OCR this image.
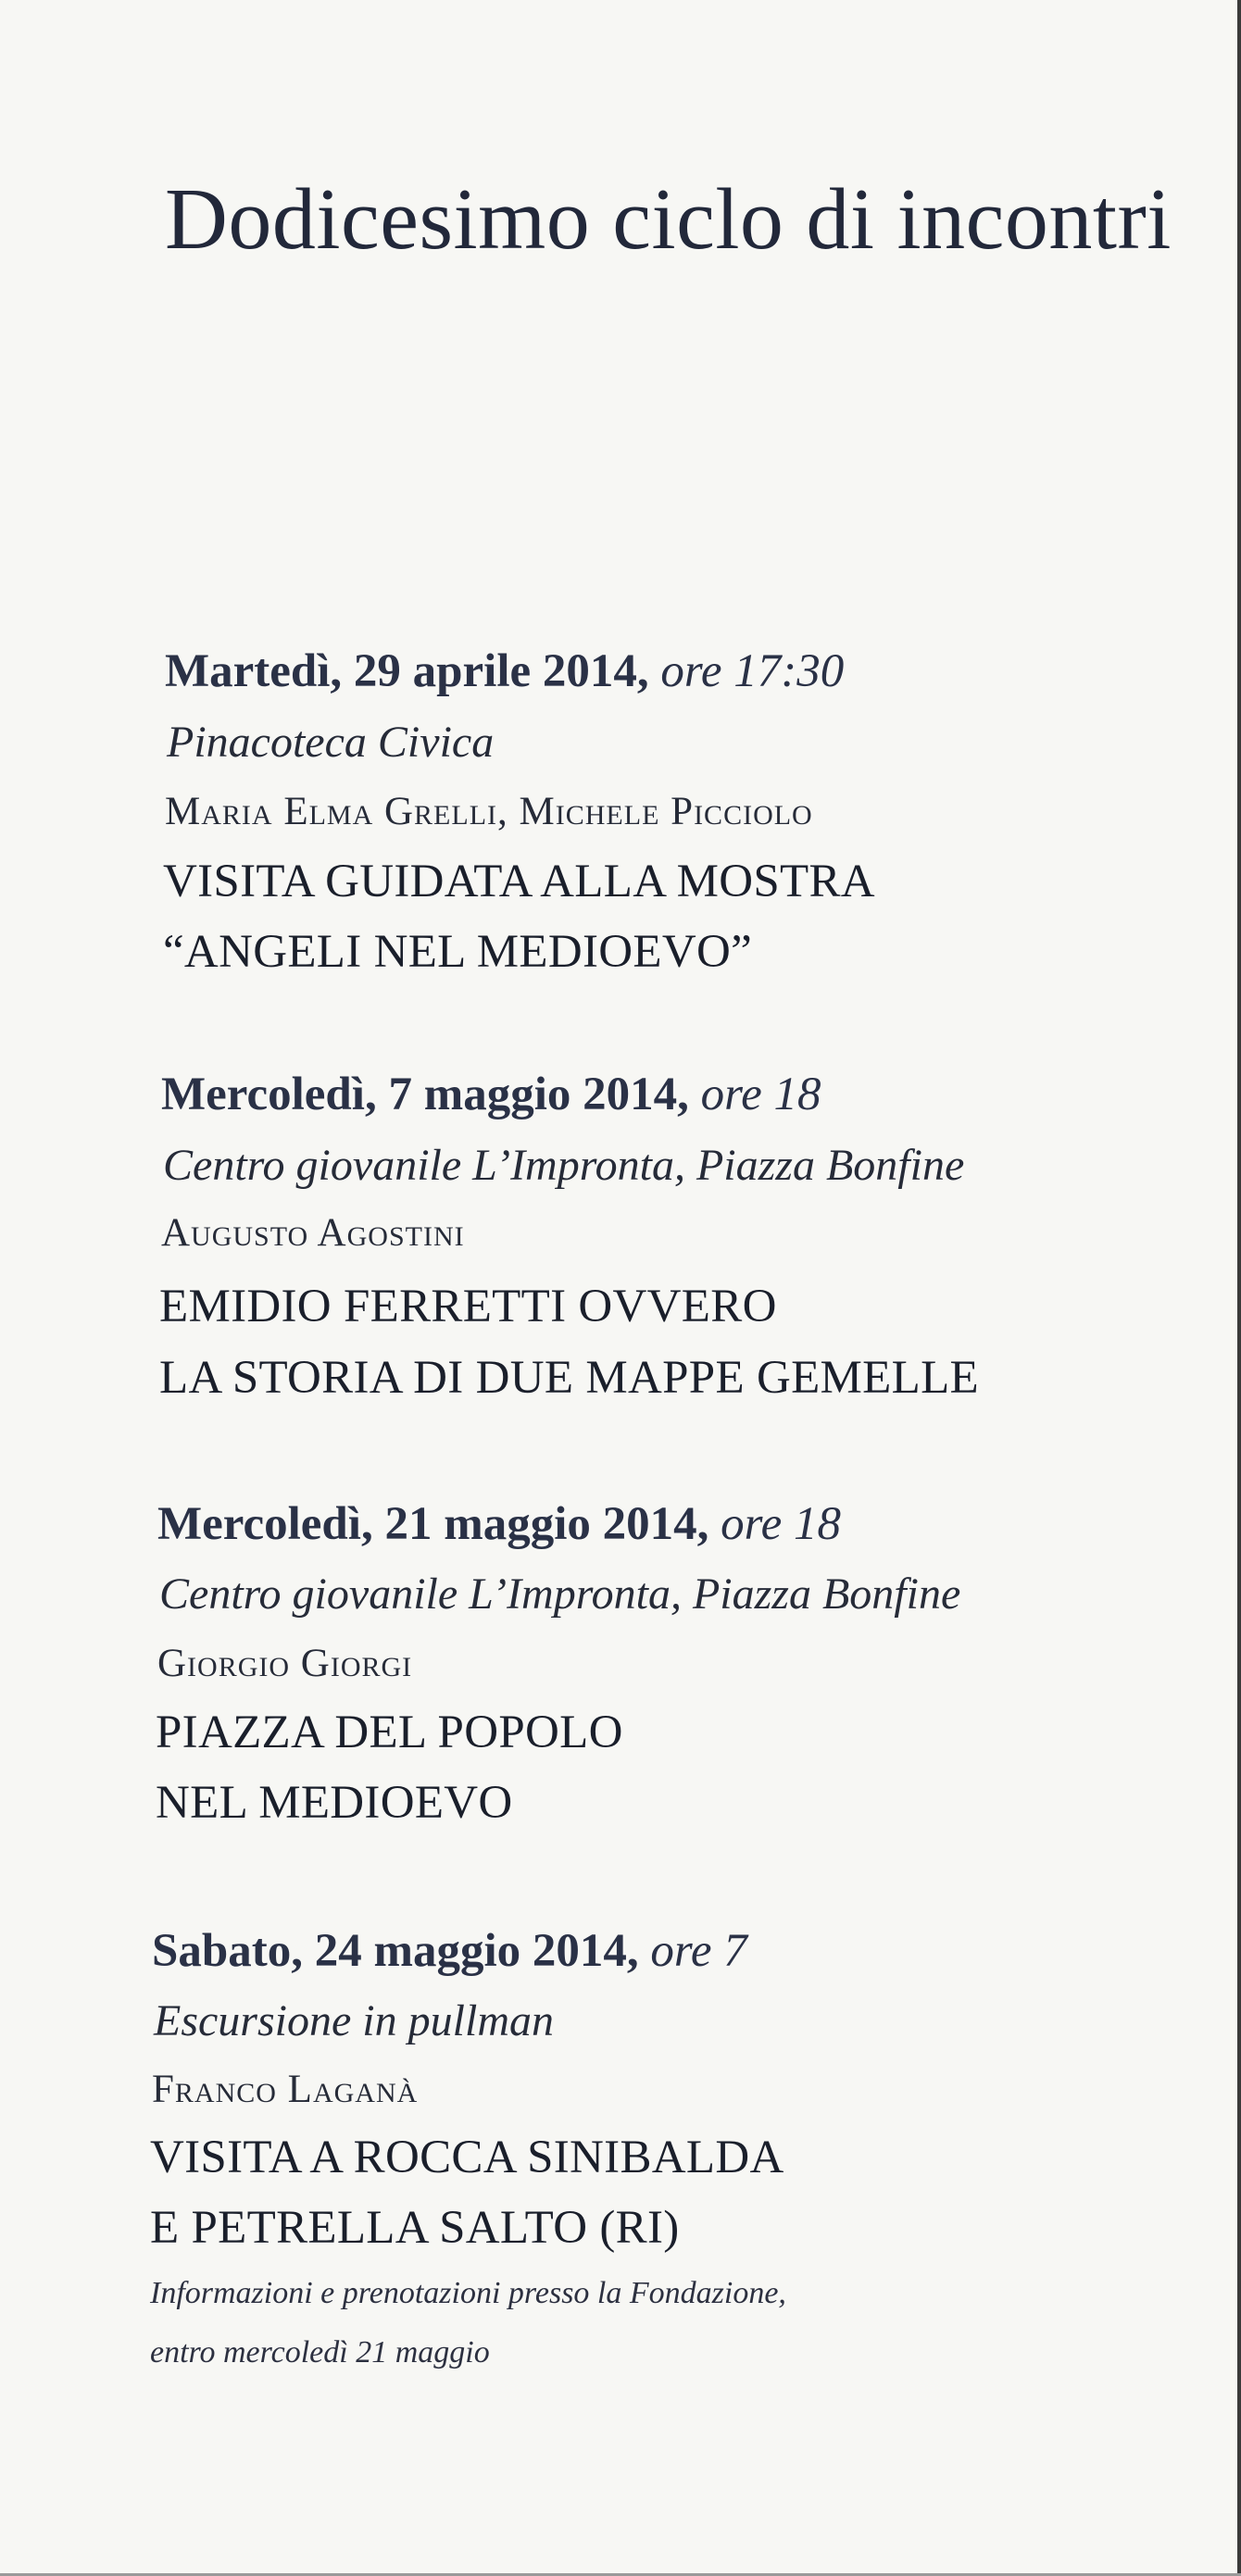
Dodicesimo ciclo di incontri

Martedì, 29 aprile 2014, ore 17:30

Pinacoteca Civica

Maria Elma Grelli, Michele Picciolo

VISITA GUIDATA ALLA MOSTRA

“ANGELI NEL MEDIOEVO”

Mercoledì, 7 maggio 2014, ore 18

Centro giovanile L’Impronta, Piazza Bonfine

Augusto Agostini

EMIDIO FERRETTI OVVERO

LA STORIA DI DUE MAPPE GEMELLE

Mercoledì, 21 maggio 2014, ore 18

Centro giovanile L’Impronta, Piazza Bonfine

Giorgio Giorgi

PIAZZA DEL POPOLO

NEL MEDIOEVO

Sabato, 24 maggio 2014, ore 7

Escursione in pullman

Franco Laganà

VISITA A ROCCA SINIBALDA

E PETRELLA SALTO (RI)

Informazioni e prenotazioni presso la Fondazione,

entro mercoledì 21 maggio
